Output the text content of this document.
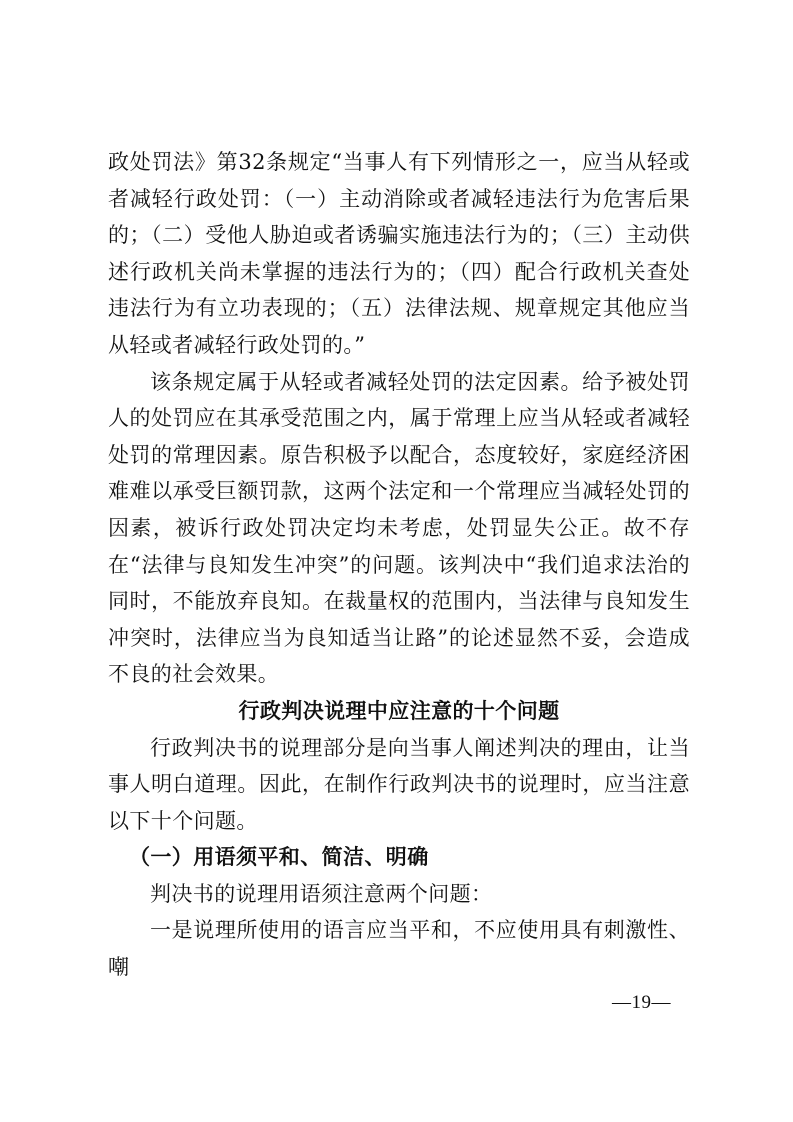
政处罚法》第32条规定“当事人有下列情形之一，应当从轻或者减轻行政处罚：（一）主动消除或者减轻违法行为危害后果的；（二）受他人胁迫或者诱骗实施违法行为的；（三）主动供述行政机关尚未掌握的违法行为的；（四）配合行政机关查处违法行为有立功表现的；（五）法律法规、规章规定其他应当从轻或者减轻行政处罚的。”

该条规定属于从轻或者减轻处罚的法定因素。给予被处罚人的处罚应在其承受范围之内，属于常理上应当从轻或者减轻处罚的常理因素。原告积极予以配合，态度较好，家庭经济困难难以承受巨额罚款，这两个法定和一个常理应当减轻处罚的因素，被诉行政处罚决定均未考虑，处罚显失公正。故不存在“法律与良知发生冲突”的问题。该判决中“我们追求法治的同时，不能放弃良知。在裁量权的范围内，当法律与良知发生冲突时，法律应当为良知适当让路”的论述显然不妥，会造成不良的社会效果。

行政判决说理中应注意的十个问题

行政判决书的说理部分是向当事人阐述判决的理由，让当事人明白道理。因此，在制作行政判决书的说理时，应当注意以下十个问题。

（一）用语须平和、简洁、明确

判决书的说理用语须注意两个问题：

一是说理所使用的语言应当平和，不应使用具有刺激性、嘲

—19—
